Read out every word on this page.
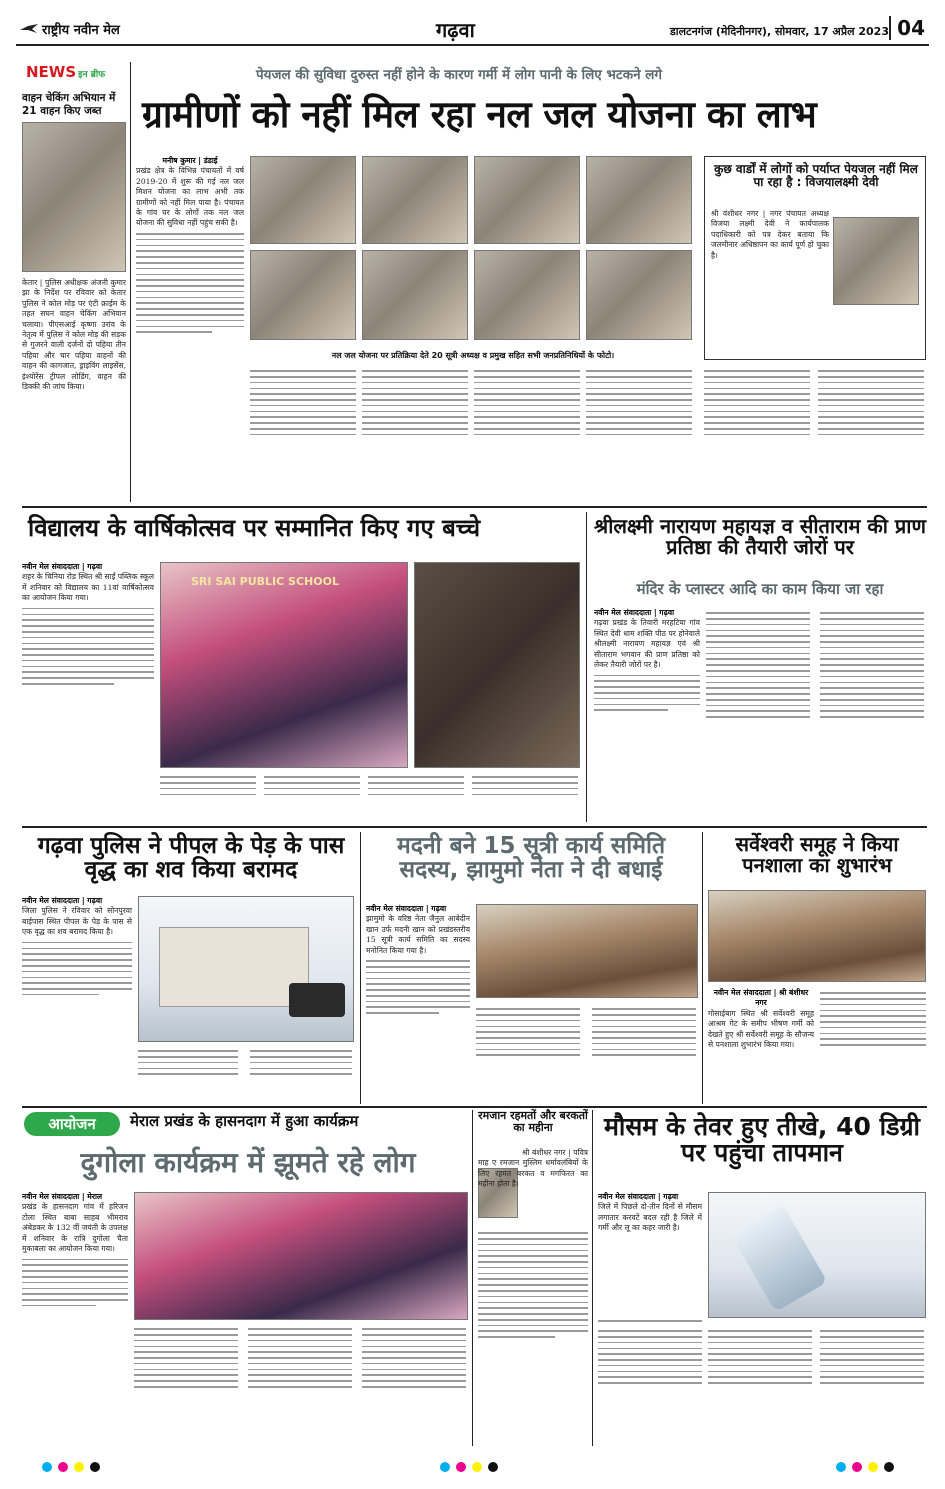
राष्ट्रीय नवीन मेल	गढ़वा	डालटनगंज (मेदिनीनगर), सोमवार, 17 अप्रैल 2023 04
NEWS इन ब्रीफ
वाहन चेकिंग अभियान में 21 वाहन किए जब्त
केतार | पुलिस अधीक्षक अंजनी कुमार झा के निर्देश पर रविवार को केतार पुलिस ने कोल मोड़ पर एंटी क्राईम के तहत सघन वाहन चेकिंग अभियान चलाया। पीएसआई कृष्णा उरांव के नेतृत्व में पुलिस ने कोल मोड़ की सड़क से गुजरने वाली दर्जनों दो पहिया तीन पहिया और चार पहिया वाहनों की वाहन की कागजात, ड्राइविंग लाइसेंस, इंश्योरेंस ट्रीपल लोडिंग, वाहन की डिक्की की जांच किया।
पेयजल की सुविधा दुरुस्त नहीं होने के कारण गर्मी में लोग पानी के लिए भटकने लगे
ग्रामीणों को नहीं मिल रहा नल जल योजना का लाभ
मनीष कुमार | डंडाई
प्रखंड क्षेत्र के विभिन्न पंचायतों में वर्ष 2019-20 में शुरू की गई नल जल मिशन योजना का लाभ अभी तक ग्रामीणों को नहीं मिल पाया है। पंचायत के गांव घर के लोगों तक नल जल योजना की सुविधा नहीं पहुंच सकी है।
नल जल योजना पर प्रतिक्रिया देते 20 सूत्री अध्यक्ष व प्रमुख सहित सभी जनप्रतिनिधियों के फोटो।
कुछ वार्डों में लोगों को पर्याप्त पेयजल नहीं मिल पा रहा है : विजयालक्ष्मी देवी
श्री वंशीधर नगर | नगर पंचायत अध्यक्ष विजया लक्ष्मी देवी ने कार्यपालक पदाधिकारी को पत्र देकर बताया कि जलमीनार अधिष्ठापन का कार्य पूर्ण हो चुका है।
विद्यालय के वार्षिकोत्सव पर सम्मानित किए गए बच्चे
नवीन मेल संवाददाता | गढ़वा
शहर के चिनिया रोड स्थित श्री साईं पब्लिक स्कूल में शनिवार को विद्यालय का 11वां वार्षिकोत्सव का आयोजन किया गया।
SRI SAI PUBLIC SCHOOL
श्रीलक्ष्मी नारायण महायज्ञ व सीताराम की प्राण प्रतिष्ठा की तैयारी जोरों पर
मंदिर के प्लास्टर आदि का काम किया जा रहा
नवीन मेल संवाददाता | गढ़वा
गढ़वा प्रखंड के तिवारी मरहटिया गांव स्थित देवी धाम शक्ति पीठ पर होनेवाले श्रीलक्ष्मी नारायण महायज्ञ एवं श्री सीताराम भगवान की प्राण प्रतिष्ठा को लेकर तैयारी जोरों पर है।
गढ़वा पुलिस ने पीपल के पेड़ के पास वृद्ध का शव किया बरामद
नवीन मेल संवाददाता | गढ़वा
जिला पुलिस ने रविवार को सोनपुरवा बाईपास स्थित पीपल के पेड़ के पास से एक वृद्ध का शव बरामद किया है।
मदनी बने 15 सूत्री कार्य समिति सदस्य, झामुमो नेता ने दी बधाई
नवीन मेल संवाददाता | गढ़वा
झामुमो के वरिष्ठ नेता जैनुल आबेदीन खान उर्फ मदनी खान को प्रखंडस्तरीय 15 सूत्री कार्य समिति का सदस्य मनोनित किया गया है।
सर्वेश्वरी समूह ने किया पनशाला का शुभारंभ
नवीन मेल संवाददाता | श्री बंशीधर नगर
गोसाईबाग स्थित श्री सर्वेश्वरी समूह आश्रम गेट के समीप भीषण गर्मी को देखते हुए श्री सर्वेश्वरी समूह के सौजन्य से पनशाला शुभारंभ किया गया।
आयोजन	मेराल प्रखंड के हासनदाग में हुआ कार्यक्रम
दुगोला कार्यक्रम में झूमते रहे लोग
नवीन मेल संवाददाता | मेराल
प्रखंड के हासनदाग गांव में हरिजन टोला स्थित बाबा साहब भीमराव अंबेडकर के 132 वीं जयंती के उपलक्ष में शनिवार के रात्रि दुगोला चैता मुकाबला का आयोजन किया गया।
रमजान रहमतों और बरकतों का महीना
श्री बंशीधर नगर | पवित्र माह ए रमजान मुस्लिम धर्मावलंबियों के लिए रहमत बरकत व मगफिरत का महीना होता है।
मौसम के तेवर हुए तीखे, 40 डिग्री पर पहुंचा तापमान
नवीन मेल संवाददाता | गढ़वा
जिले में पिछले दो-तीन दिनों से मौसम लगातार करवटें बदल रही है जिले में गर्मी और लू का कहर जारी है।
